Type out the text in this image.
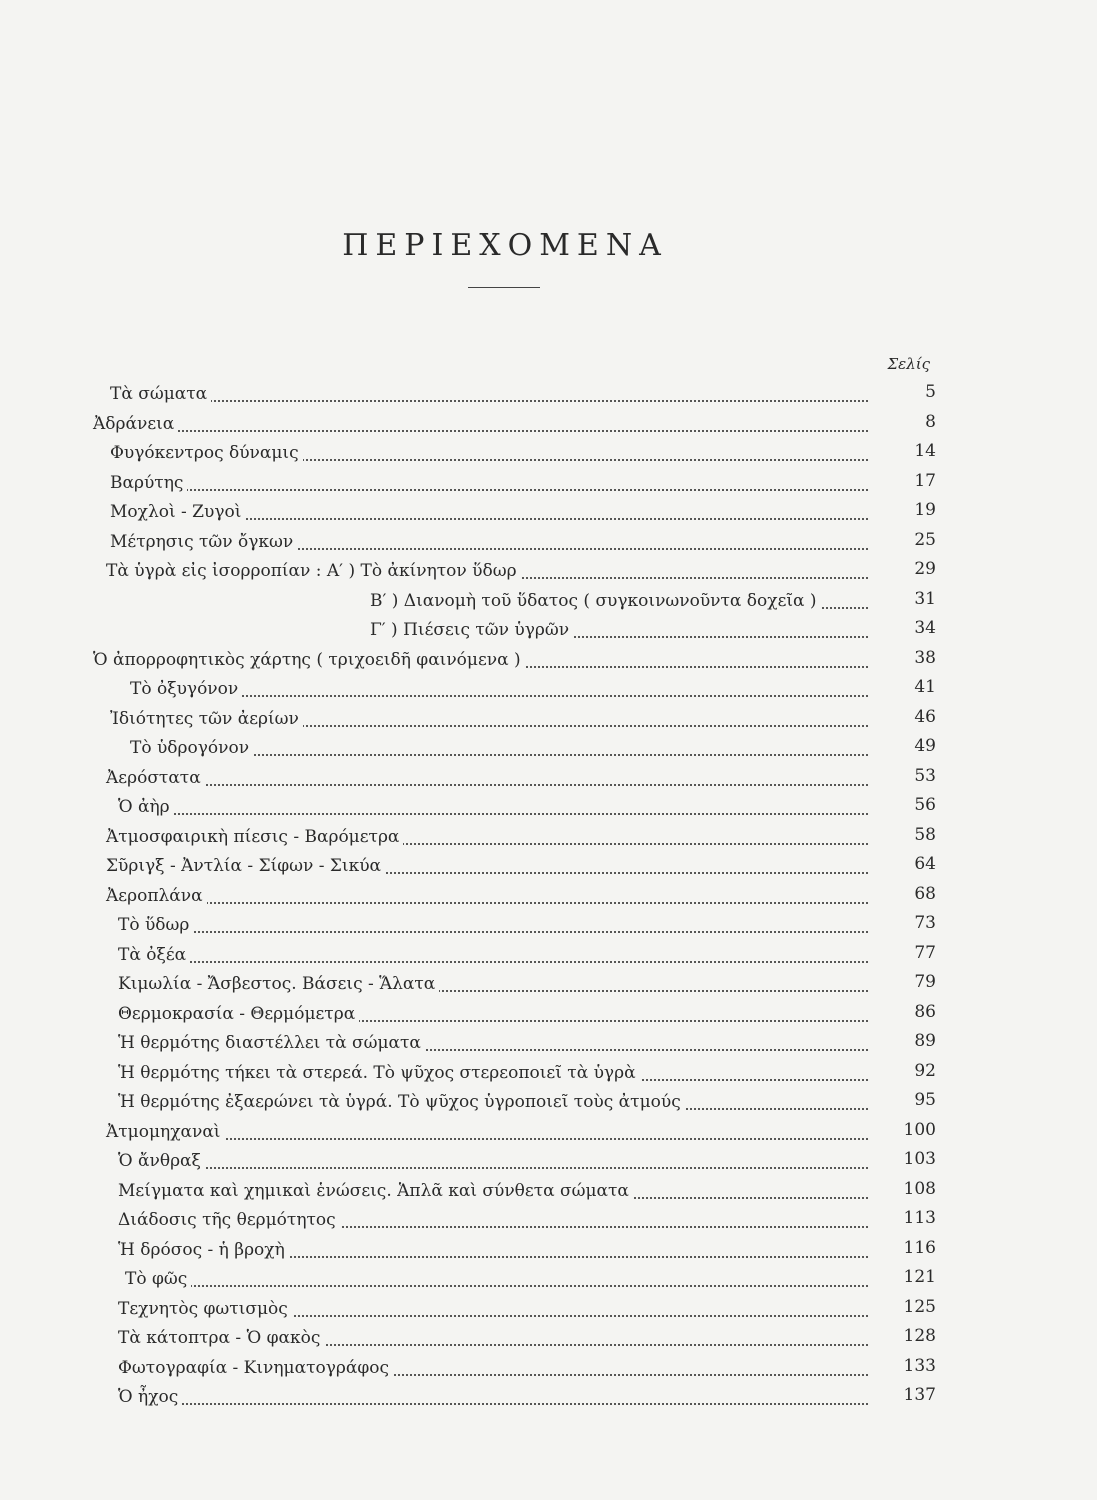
ΠΕΡΙΕΧΟΜΕΝΑ
Σελίς
Τὰ σώματα	5
Ἀδράνεια	8
Φυγόκεντρος δύναμις	14
Βαρύτης	17
Μοχλοὶ - Ζυγοὶ	19
Μέτρησις τῶν ὄγκων	25
Τὰ ὑγρὰ εἰς ἰσορροπίαν : Α′ ) Τὸ ἀκίνητον ὕδωρ	29
Β′ ) Διανομὴ τοῦ ὕδατος ( συγκοινωνοῦντα δοχεῖα )	31
Γ′ ) Πιέσεις τῶν ὑγρῶν	34
Ὁ ἀπορροφητικὸς χάρτης ( τριχοειδῆ φαινόμενα )	38
Τὸ ὀξυγόνον	41
Ἰδιότητες τῶν ἀερίων	46
Τὸ ὑδρογόνον	49
Ἀερόστατα	53
Ὁ ἀὴρ	56
Ἀτμοσφαιρικὴ πίεσις - Βαρόμετρα	58
Σῦριγξ - Ἀντλία - Σίφων - Σικύα	64
Ἀεροπλάνα	68
Τὸ ὕδωρ	73
Τὰ ὀξέα	77
Κιμωλία - Ἄσβεστος. Βάσεις - Ἅλατα	79
Θερμοκρασία - Θερμόμετρα	86
Ἡ θερμότης διαστέλλει τὰ σώματα	89
Ἡ θερμότης τήκει τὰ στερεά. Τὸ ψῦχος στερεοποιεῖ τὰ ὑγρὰ	92
Ἡ θερμότης ἐξαερώνει τὰ ὑγρά. Τὸ ψῦχος ὑγροποιεῖ τοὺς ἀτμούς	95
Ἀτμομηχαναὶ	100
Ὁ ἄνθραξ	103
Μείγματα καὶ χημικαὶ ἑνώσεις. Ἁπλᾶ καὶ σύνθετα σώματα	108
Διάδοσις τῆς θερμότητος	113
Ἡ δρόσος - ἡ βροχὴ	116
Τὸ φῶς	121
Τεχνητὸς φωτισμὸς	125
Τὰ κάτοπτρα - Ὁ φακὸς	128
Φωτογραφία - Κινηματογράφος	133
Ὁ ἦχος	137
